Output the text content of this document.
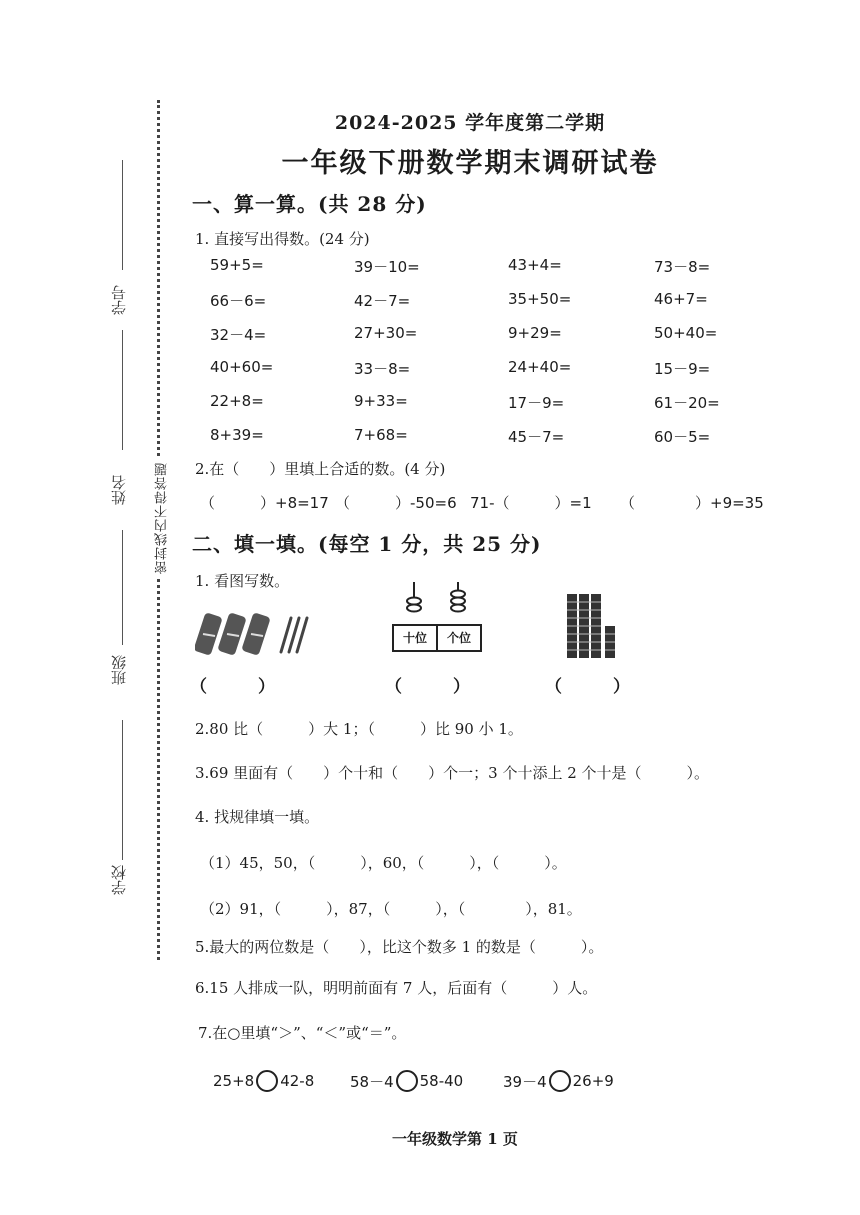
学号
姓名
班级
学校
密封线内不得答题
2024-2025 学年度第二学期
一年级下册数学期末调研试卷
一、算一算。(共 28 分)
1. 直接写出得数。(24 分)
59+5=	39－10=	43+4=	73－8=
66－6=	42－7=	35+50=	46+7=
32－4=	27+30=	9+29=	50+40=
40+60=	33－8=	24+40=	15－9=
22+8=	9+33=	17－9=	61－20=
8+39=	7+68=	45－7=	60－5=
2.在（　　）里填上合适的数。(4 分)
（　　　）+8=17 （　　　）-50=6 71-（　　　）=1	（　　　　）+9=35
二、填一填。(每空 1 分，共 25 分)
1. 看图写数。
十位	个位
（　　　）	（　　　）	（　　　）
2.80 比（　　　）大 1；（　　　）比 90 小 1。
3.69 里面有（　　）个十和（　　）个一；3 个十添上 2 个十是（　　　）。
4. 找规律填一填。
（1）45，50，（　　　），60，（　　　），（　　　）。
（2）91，（　　　），87，（　　　），（　　　　），81。
5.最大的两位数是（　　），比这个数多 1 的数是（　　　）。
6.15 人排成一队，明明前面有 7 人，后面有（　　　）人。
7.在○里填“＞”、“＜”或“＝”。
25+8 42-8 58－4 58-40	39－4 26+9
一年级数学第 1 页
